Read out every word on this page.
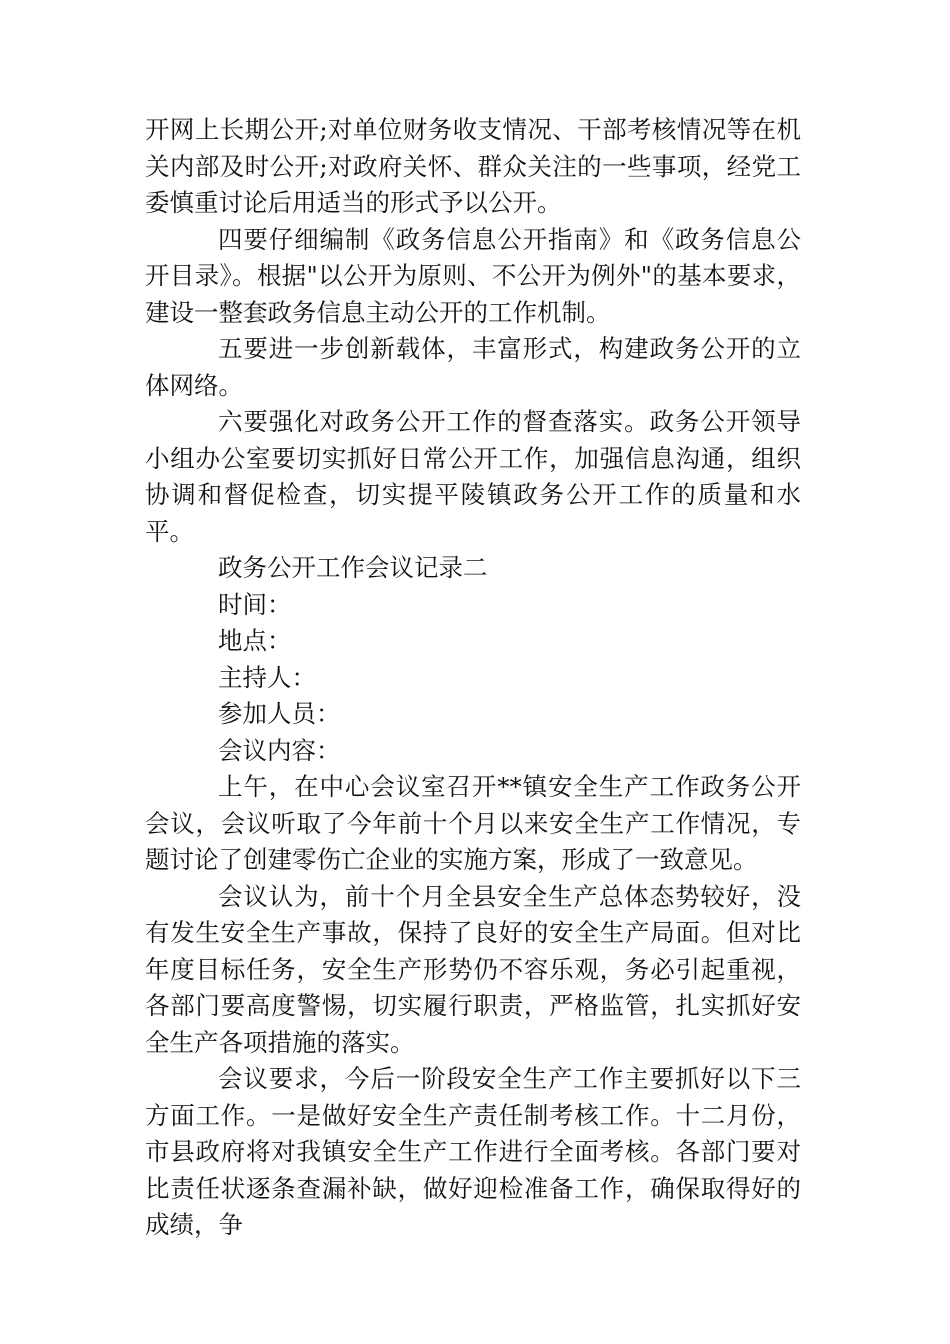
开网上长期公开;对单位财务收支情况、干部考核情况等在机关内部及时公开;对政府关怀、群众关注的一些事项，经党工委慎重讨论后用适当的形式予以公开。

四要仔细编制《政务信息公开指南》和《政务信息公开目录》。根据"以公开为原则、不公开为例外"的基本要求，建设一整套政务信息主动公开的工作机制。

五要进一步创新载体，丰富形式，构建政务公开的立体网络。

六要强化对政务公开工作的督查落实。政务公开领导小组办公室要切实抓好日常公开工作，加强信息沟通，组织协调和督促检查，切实提平陵镇政务公开工作的质量和水平。

政务公开工作会议记录二

时间：

地点：

主持人：

参加人员：

会议内容：

上午，在中心会议室召开**镇安全生产工作政务公开会议，会议听取了今年前十个月以来安全生产工作情况，专题讨论了创建零伤亡企业的实施方案，形成了一致意见。

会议认为，前十个月全县安全生产总体态势较好，没有发生安全生产事故，保持了良好的安全生产局面。但对比年度目标任务，安全生产形势仍不容乐观，务必引起重视，各部门要高度警惕，切实履行职责，严格监管，扎实抓好安全生产各项措施的落实。

会议要求，今后一阶段安全生产工作主要抓好以下三方面工作。一是做好安全生产责任制考核工作。十二月份，市县政府将对我镇安全生产工作进行全面考核。各部门要对比责任状逐条查漏补缺，做好迎检准备工作，确保取得好的成绩，争
